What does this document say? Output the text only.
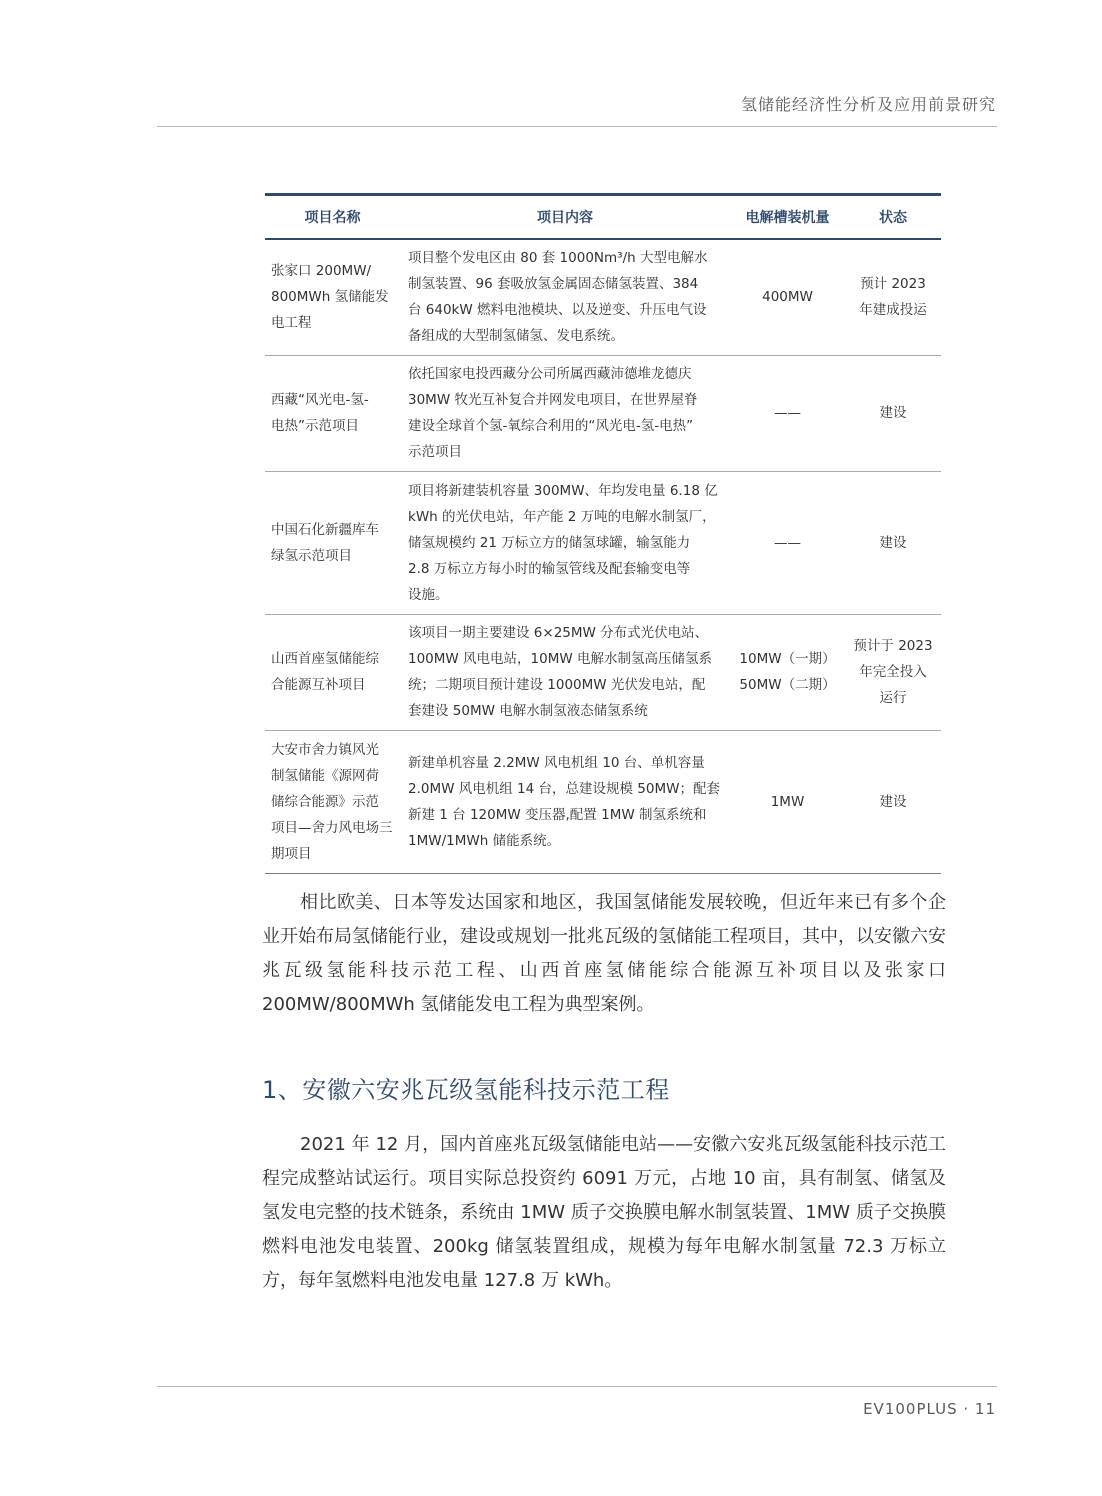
氢储能经济性分析及应用前景研究
项目名称	项目内容	电解槽装机量	状态

张家口 200MW/
800MWh 氢储能发
电工程	项目整个发电区由 80 套 1000Nm³/h 大型电解水
制氢装置、96 套吸放氢金属固态储氢装置、384
台 640kW 燃料电池模块、以及逆变、升压电气设
备组成的大型制氢储氢、发电系统。	400MW	预计 2023
年建成投运

西藏“风光电-氢-
电热”示范项目	依托国家电投西藏分公司所属西藏沛德堆龙德庆
30MW 牧光互补复合并网发电项目，在世界屋脊
建设全球首个氢-氧综合利用的“风光电-氢-电热”
示范项目	——	建设

中国石化新疆库车
绿氢示范项目	项目将新建装机容量 300MW、年均发电量 6.18 亿
kWh 的光伏电站，年产能 2 万吨的电解水制氢厂，
储氢规模约 21 万标立方的储氢球罐，输氢能力
2.8 万标立方每小时的输氢管线及配套输变电等
设施。	——	建设

山西首座氢储能综
合能源互补项目	该项目一期主要建设 6×25MW 分布式光伏电站、
100MW 风电电站，10MW 电解水制氢高压储氢系
统；二期项目预计建设 1000MW 光伏发电站，配
套建设 50MW 电解水制氢液态储氢系统	10MW（一期）
50MW（二期）	预计于 2023
年完全投入
运行

大安市舍力镇风光
制氢储能《源网荷
储综合能源》示范
项目—舍力风电场三
期项目	新建单机容量 2.2MW 风电机组 10 台、单机容量
2.0MW 风电机组 14 台，总建设规模 50MW；配套
新建 1 台 120MW 变压器,配置 1MW 制氢系统和
1MW/1MWh 储能系统。	1MW	建设

相比欧美、日本等发达国家和地区，我国氢储能发展较晚，但近年来已有多个企业开始布局氢储能行业，建设或规划一批兆瓦级的氢储能工程项目，其中，以安徽六安兆瓦级氢能科技示范工程、山西首座氢储能综合能源互补项目以及张家口 200MW/800MWh 氢储能发电工程为典型案例。

1、安徽六安兆瓦级氢能科技示范工程

2021 年 12 月，国内首座兆瓦级氢储能电站——安徽六安兆瓦级氢能科技示范工程完成整站试运行。项目实际总投资约 6091 万元，占地 10 亩，具有制氢、储氢及氢发电完整的技术链条，系统由 1MW 质子交换膜电解水制氢装置、1MW 质子交换膜燃料电池发电装置、200kg 储氢装置组成，规模为每年电解水制氢量 72.3 万标立方，每年氢燃料电池发电量 127.8 万 kWh。

EV100PLUS · 11
